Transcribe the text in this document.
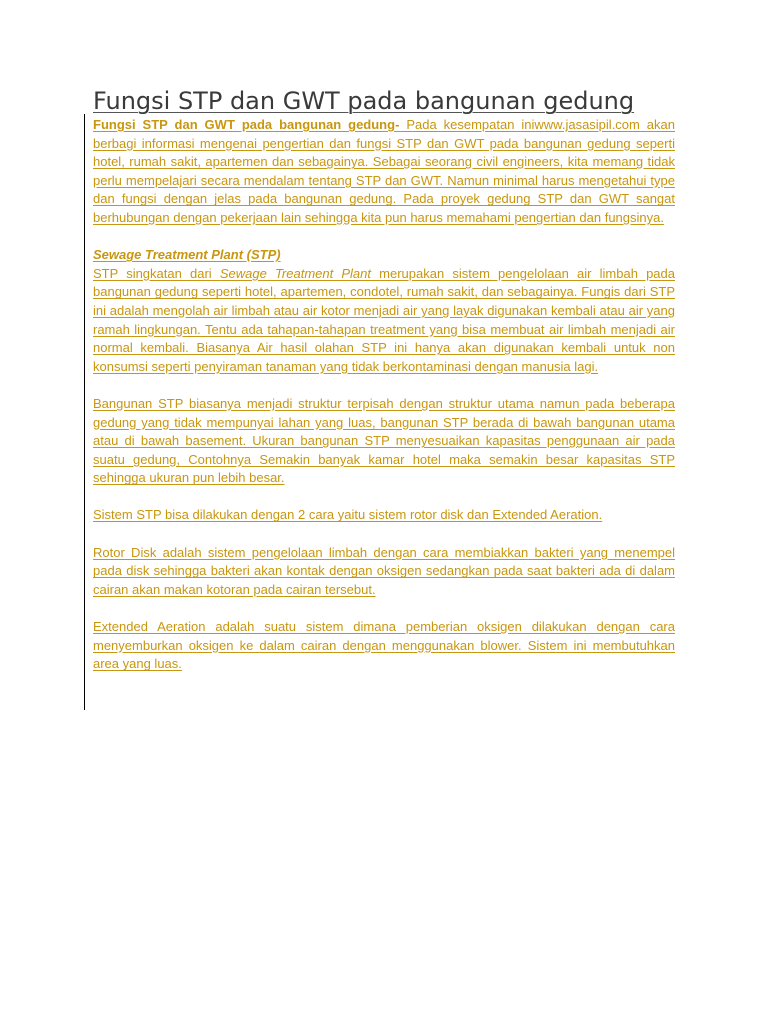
Fungsi STP dan GWT pada bangunan gedung

Fungsi STP dan GWT pada bangunan gedung- Pada kesempatan iniwww.jasasipil.com akan berbagi informasi mengenai pengertian dan fungsi STP dan GWT pada bangunan gedung seperti hotel, rumah sakit, apartemen dan sebagainya. Sebagai seorang civil engineers, kita memang tidak perlu mempelajari secara mendalam tentang STP dan GWT. Namun minimal harus mengetahui type dan fungsi dengan jelas pada bangunan gedung. Pada proyek gedung STP dan GWT sangat berhubungan dengan pekerjaan lain sehingga kita pun harus memahami pengertian dan fungsinya.

Sewage Treatment Plant (STP)

STP singkatan dari Sewage Treatment Plant merupakan sistem pengelolaan air limbah pada bangunan gedung seperti hotel, apartemen, condotel, rumah sakit, dan sebagainya. Fungis dari STP ini adalah mengolah air limbah atau air kotor menjadi air yang layak digunakan kembali atau air yang ramah lingkungan. Tentu ada tahapan-tahapan treatment yang bisa membuat air limbah menjadi air normal kembali. Biasanya Air hasil olahan STP ini hanya akan digunakan kembali untuk non konsumsi seperti penyiraman tanaman yang tidak berkontaminasi dengan manusia lagi.

Bangunan STP biasanya menjadi struktur terpisah dengan struktur utama namun pada beberapa gedung yang tidak mempunyai lahan yang luas, bangunan STP berada di bawah bangunan utama atau di bawah basement. Ukuran bangunan STP menyesuaikan kapasitas penggunaan air pada suatu gedung, Contohnya Semakin banyak kamar hotel maka semakin besar kapasitas STP sehingga ukuran pun lebih besar.

Sistem STP bisa dilakukan dengan 2 cara yaitu sistem rotor disk dan Extended Aeration.

Rotor Disk adalah sistem pengelolaan limbah dengan cara membiakkan bakteri yang menempel pada disk sehingga bakteri akan kontak dengan oksigen sedangkan pada saat bakteri ada di dalam cairan akan makan kotoran pada cairan tersebut.

Extended Aeration adalah suatu sistem dimana pemberian oksigen dilakukan dengan cara menyemburkan oksigen ke dalam cairan dengan menggunakan blower. Sistem ini membutuhkan area yang luas.
